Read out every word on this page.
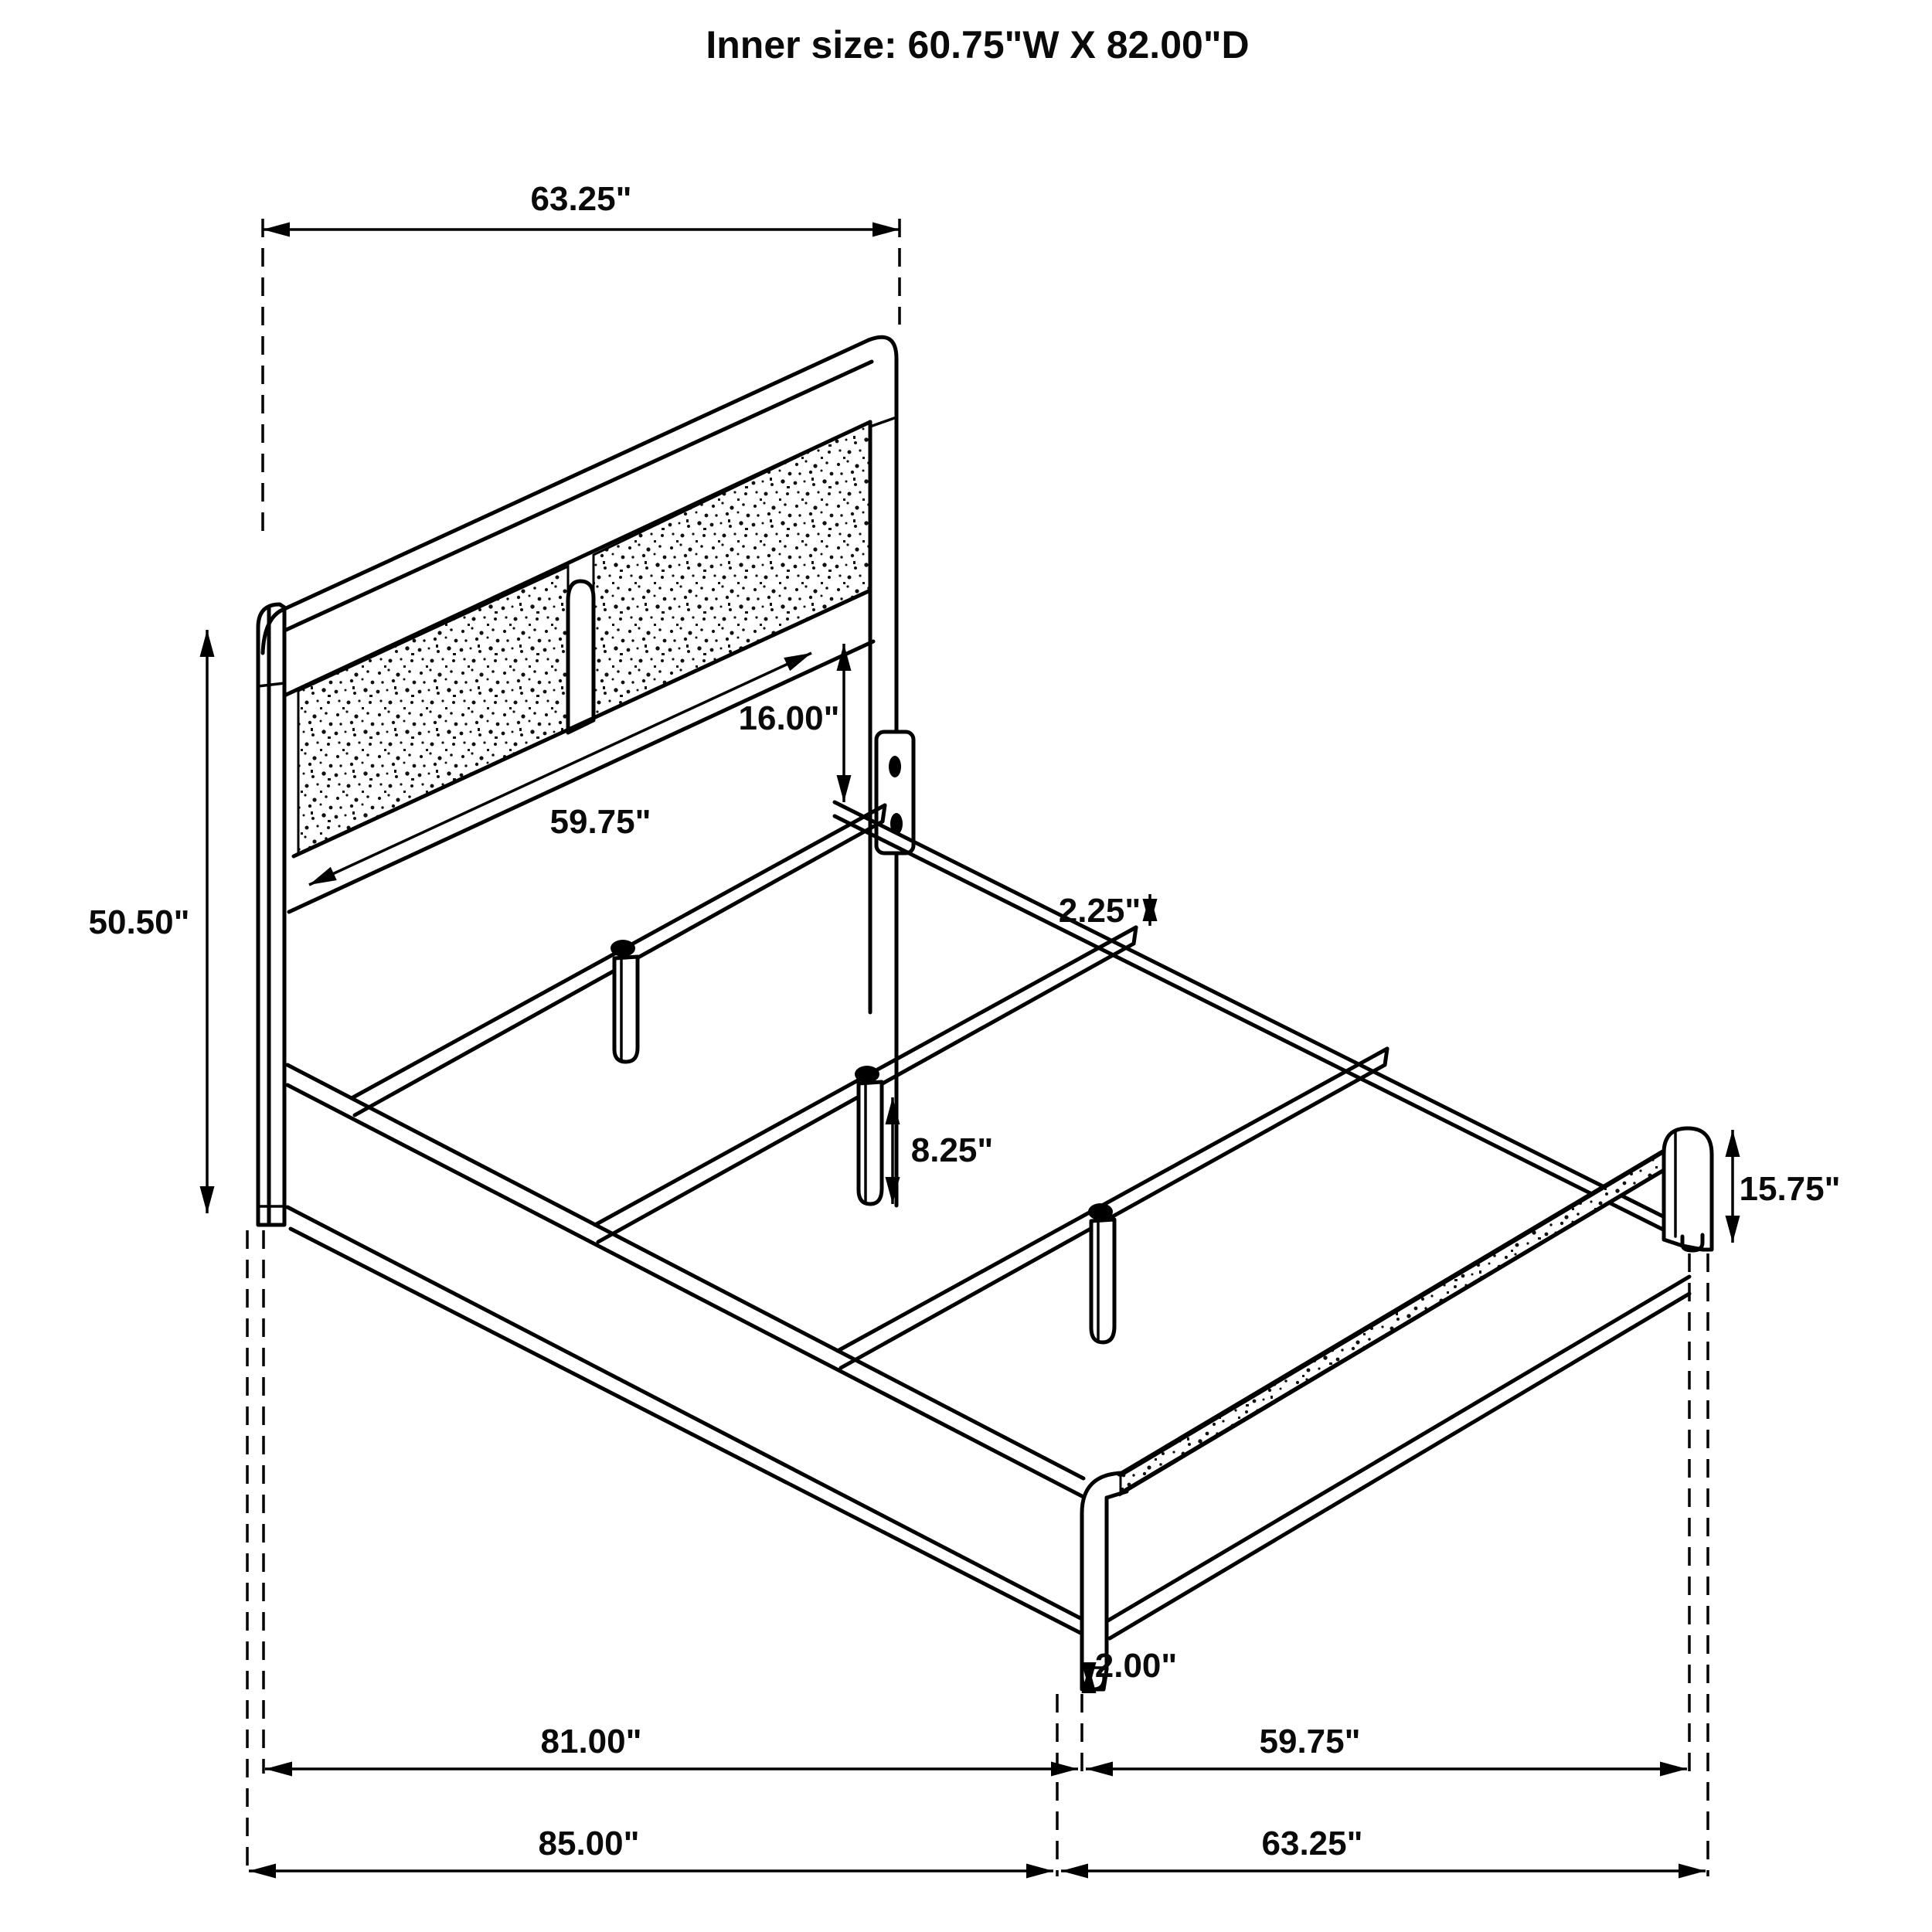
63.25"
50.50"
59.75"
16.00"
2.25"
8.25"
15.75"
2.00"
81.00"	59.75"
85.00"	63.25"
Inner size: 60.75"W X 82.00"D
